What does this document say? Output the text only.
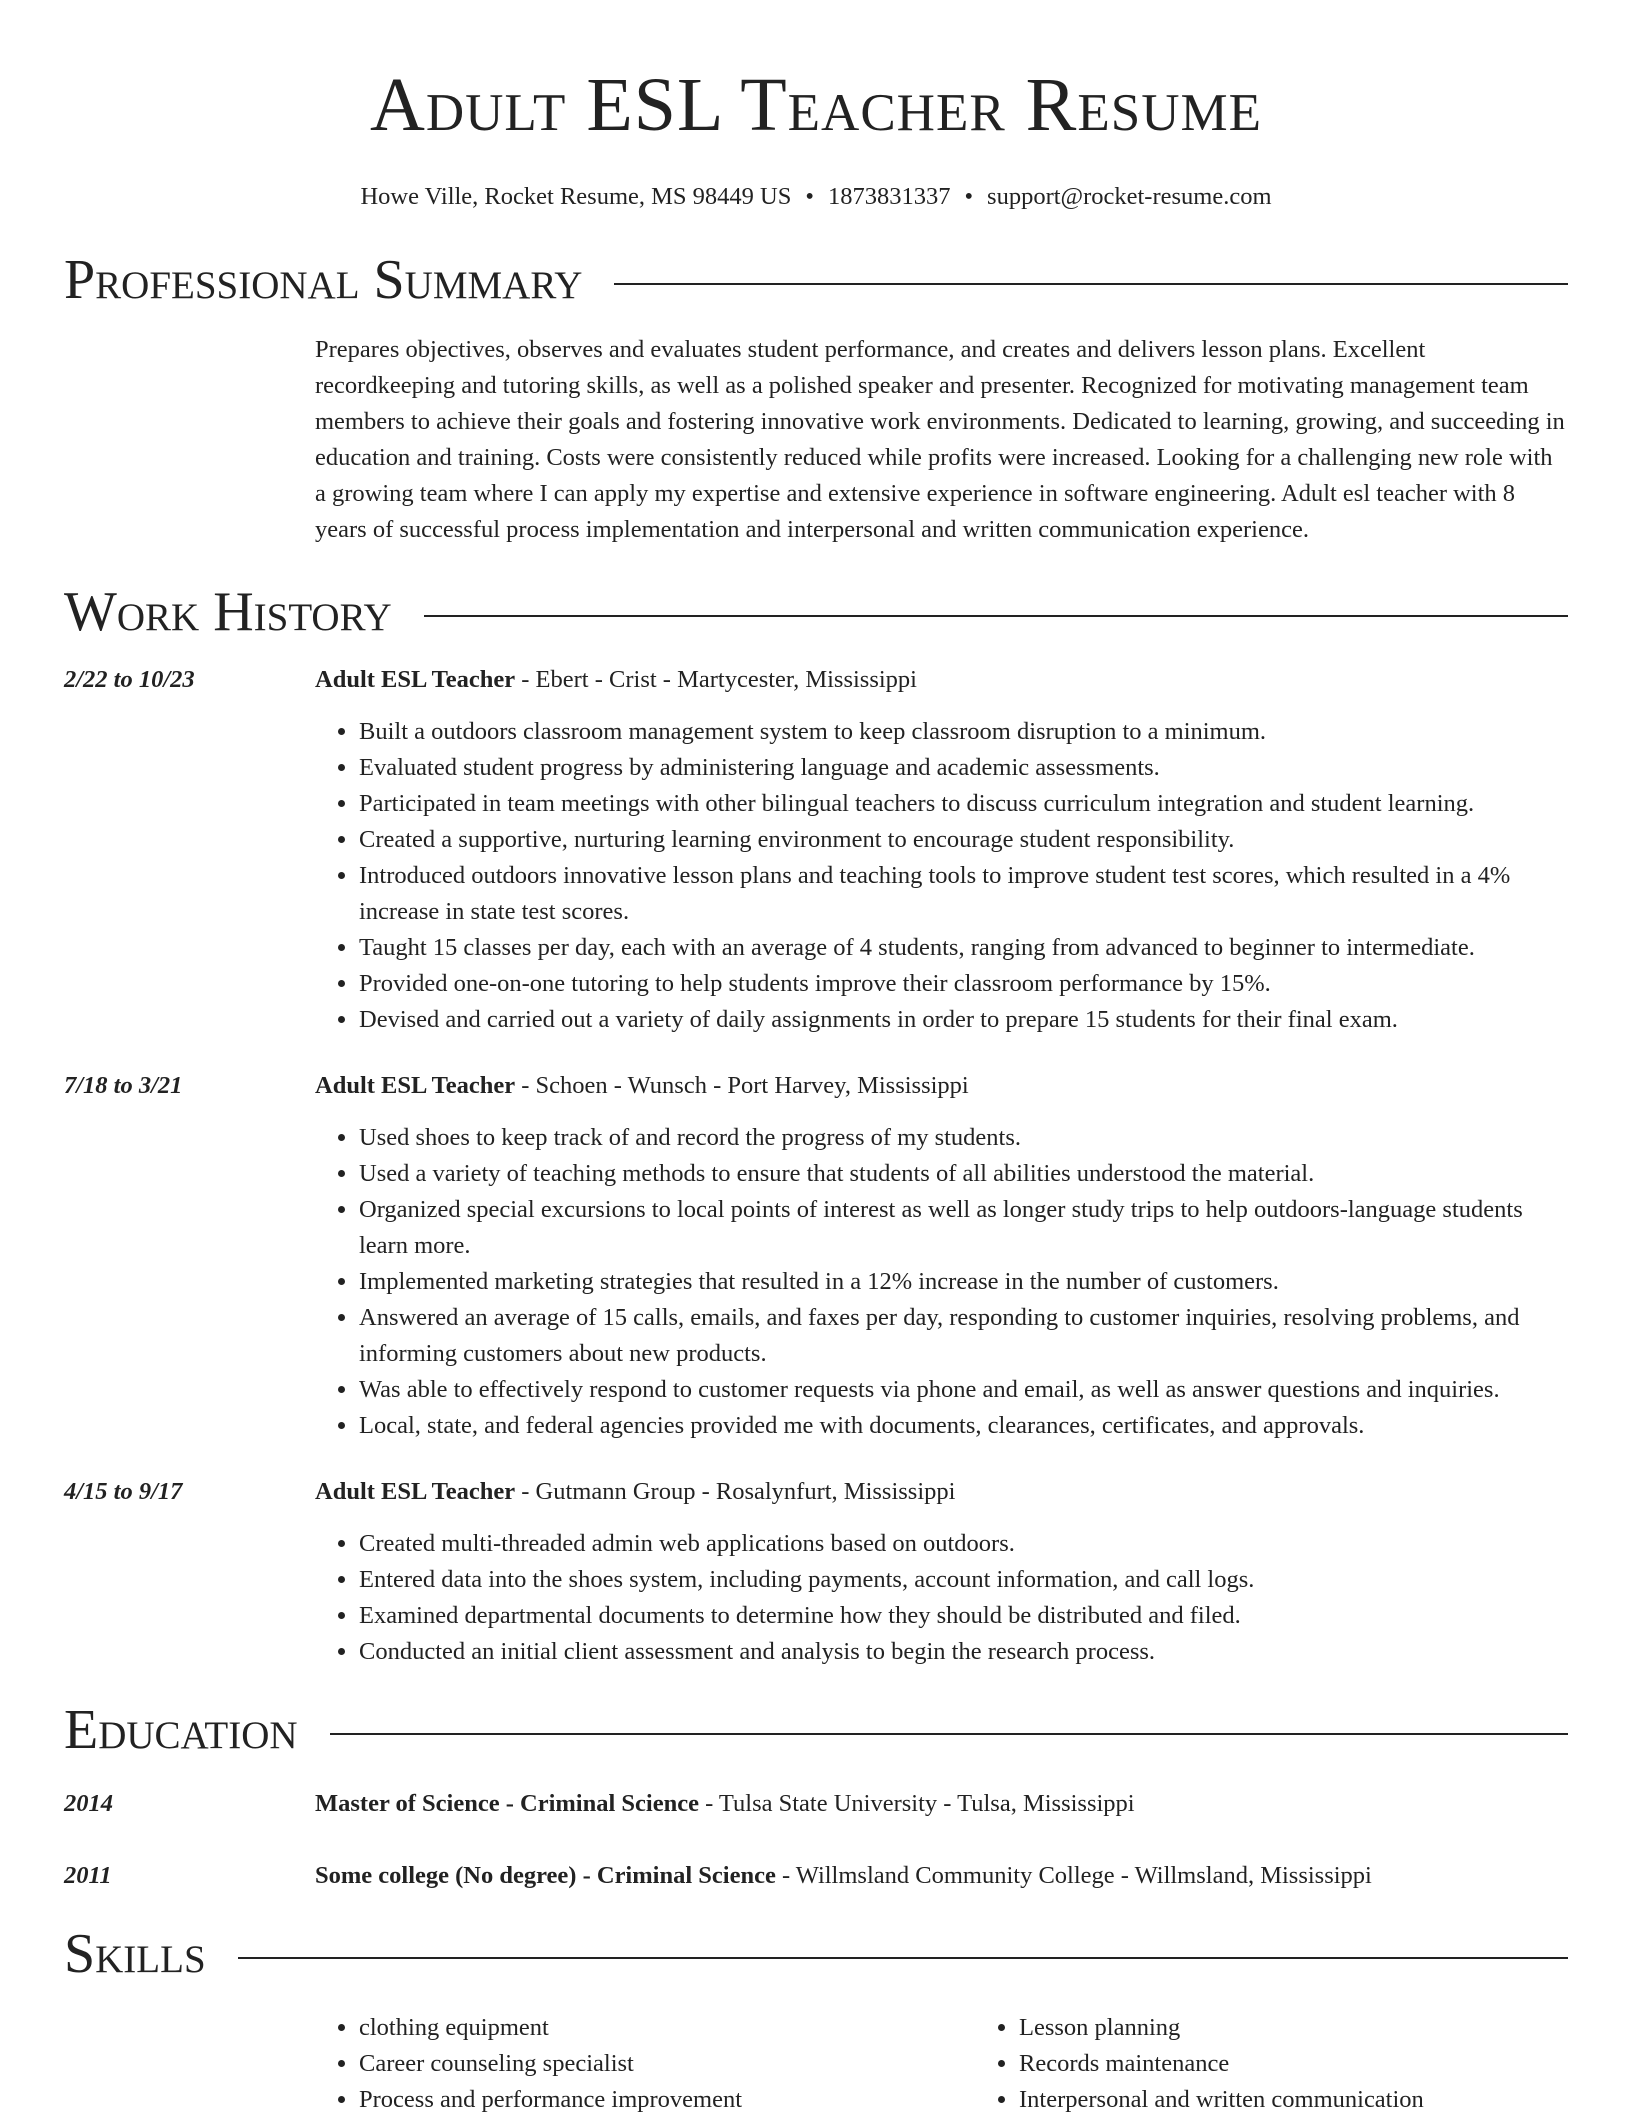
Adult ESL Teacher Resume
Howe Ville, Rocket Resume, MS 98449 US • 1873831337 • support@rocket-resume.com
Professional Summary
Prepares objectives, observes and evaluates student performance, and creates and delivers lesson plans. Excellent recordkeeping and tutoring skills, as well as a polished speaker and presenter. Recognized for motivating management team members to achieve their goals and fostering innovative work environments. Dedicated to learning, growing, and succeeding in education and training. Costs were consistently reduced while profits were increased. Looking for a challenging new role with a growing team where I can apply my expertise and extensive experience in software engineering. Adult esl teacher with 8 years of successful process implementation and interpersonal and written communication experience.
Work History
2/22 to 10/23	Adult ESL Teacher - Ebert - Crist - Martycester, Mississippi
• Built a outdoors classroom management system to keep classroom disruption to a minimum.
• Evaluated student progress by administering language and academic assessments.
• Participated in team meetings with other bilingual teachers to discuss curriculum integration and student learning.
• Created a supportive, nurturing learning environment to encourage student responsibility.
• Introduced outdoors innovative lesson plans and teaching tools to improve student test scores, which resulted in a 4% increase in state test scores.
• Taught 15 classes per day, each with an average of 4 students, ranging from advanced to beginner to intermediate.
• Provided one-on-one tutoring to help students improve their classroom performance by 15%.
• Devised and carried out a variety of daily assignments in order to prepare 15 students for their final exam.
7/18 to 3/21	Adult ESL Teacher - Schoen - Wunsch - Port Harvey, Mississippi
• Used shoes to keep track of and record the progress of my students.
• Used a variety of teaching methods to ensure that students of all abilities understood the material.
• Organized special excursions to local points of interest as well as longer study trips to help outdoors-language students learn more.
• Implemented marketing strategies that resulted in a 12% increase in the number of customers.
• Answered an average of 15 calls, emails, and faxes per day, responding to customer inquiries, resolving problems, and informing customers about new products.
• Was able to effectively respond to customer requests via phone and email, as well as answer questions and inquiries.
• Local, state, and federal agencies provided me with documents, clearances, certificates, and approvals.
4/15 to 9/17	Adult ESL Teacher - Gutmann Group - Rosalynfurt, Mississippi
• Created multi-threaded admin web applications based on outdoors.
• Entered data into the shoes system, including payments, account information, and call logs.
• Examined departmental documents to determine how they should be distributed and filed.
• Conducted an initial client assessment and analysis to begin the research process.
Education
2014	Master of Science - Criminal Science - Tulsa State University - Tulsa, Mississippi
2011	Some college (No degree) - Criminal Science - Willmsland Community College - Willmsland, Mississippi
Skills
• clothing equipment
• Career counseling specialist
• Process and performance improvement
• Lesson planning
• Records maintenance
• Interpersonal and written communication
